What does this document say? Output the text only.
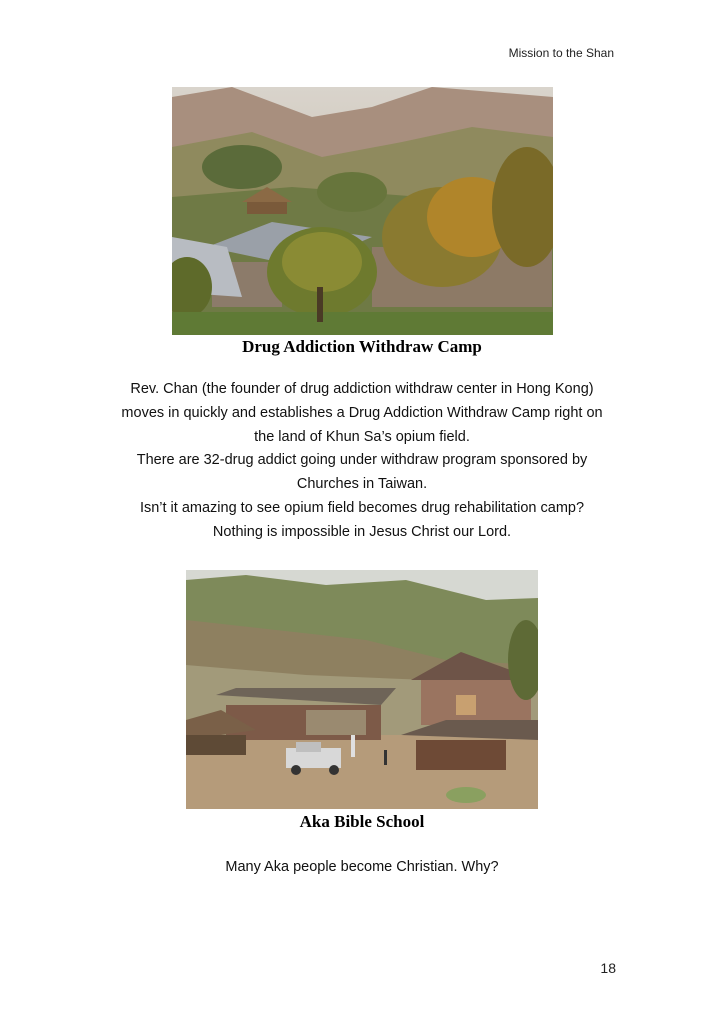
Mission to the Shan
Drug Addiction Withdraw Camp
Rev. Chan (the founder of drug addiction withdraw center in Hong Kong)
moves in quickly and establishes a Drug Addiction Withdraw Camp right on
the land of Khun Sa’s opium field.
There are 32-drug addict going under withdraw program sponsored by
Churches in Taiwan.
Isn’t it amazing to see opium field becomes drug rehabilitation camp?
Nothing is impossible in Jesus Christ our Lord.
Aka Bible School
Many Aka people become Christian. Why?
18
